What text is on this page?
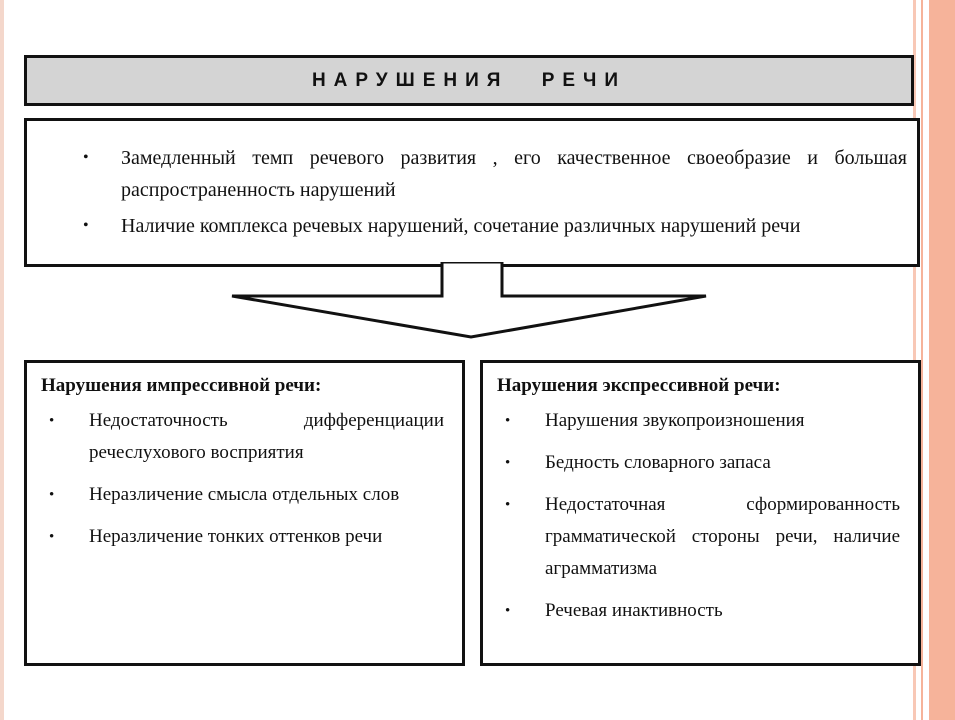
НАРУШЕНИЯ РЕЧИ
• Замедленный темп речевого развития , его качественное своеобразие и большая распространенность нарушений
• Наличие комплекса речевых нарушений, сочетание различных нарушений речи
Нарушения импрессивной речи:
• Недостаточность дифференциации речеслухового восприятия
• Неразличение смысла отдельных слов
• Неразличение тонких оттенков речи
Нарушения экспрессивной речи:
• Нарушения звукопроизношения
• Бедность словарного запаса
• Недостаточная сформированность грамматической стороны речи, наличие аграмматизма
• Речевая инактивность
